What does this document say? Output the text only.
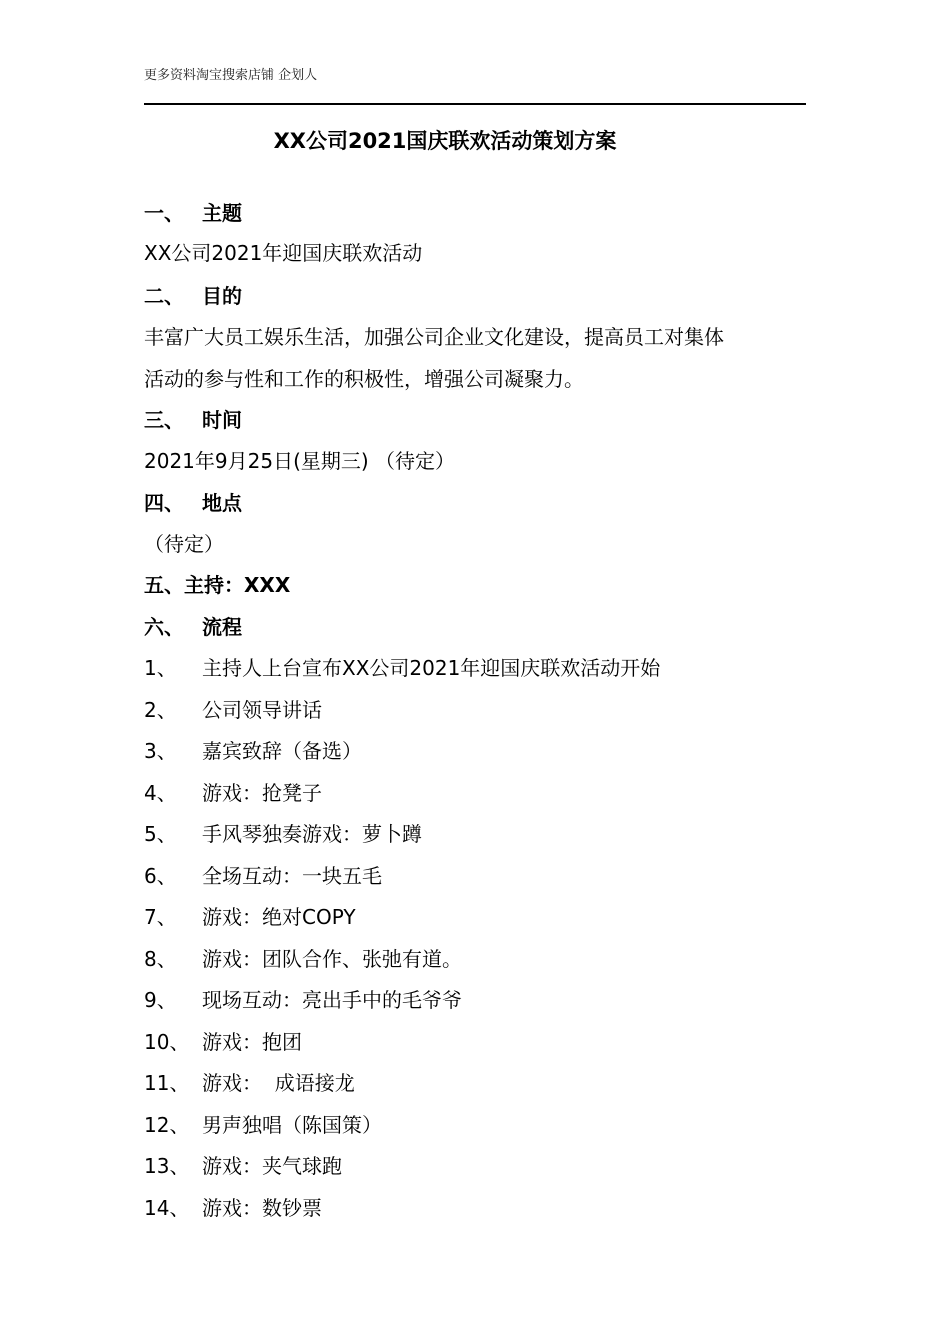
更多资料淘宝搜索店铺 企划人
XX公司2021国庆联欢活动策划方案
一、 主题
XX公司2021年迎国庆联欢活动
二、 目的
丰富广大员工娱乐生活，加强公司企业文化建设，提高员工对集体
活动的参与性和工作的积极性，增强公司凝聚力。
三、 时间
2021年9月25日(星期三) （待定）
四、 地点
（待定）
五、主持：XXX
六、 流程
1、 主持人上台宣布XX公司2021年迎国庆联欢活动开始
2、 公司领导讲话
3、 嘉宾致辞（备选）
4、 游戏：抢凳子
5、 手风琴独奏游戏：萝卜蹲
6、 全场互动：一块五毛
7、 游戏：绝对COPY
8、 游戏：团队合作、张弛有道。
9、 现场互动：亮出手中的毛爷爷
10、 游戏：抱团
11、 游戏：  成语接龙
12、 男声独唱（陈国策）
13、 游戏：夹气球跑
14、 游戏：数钞票
